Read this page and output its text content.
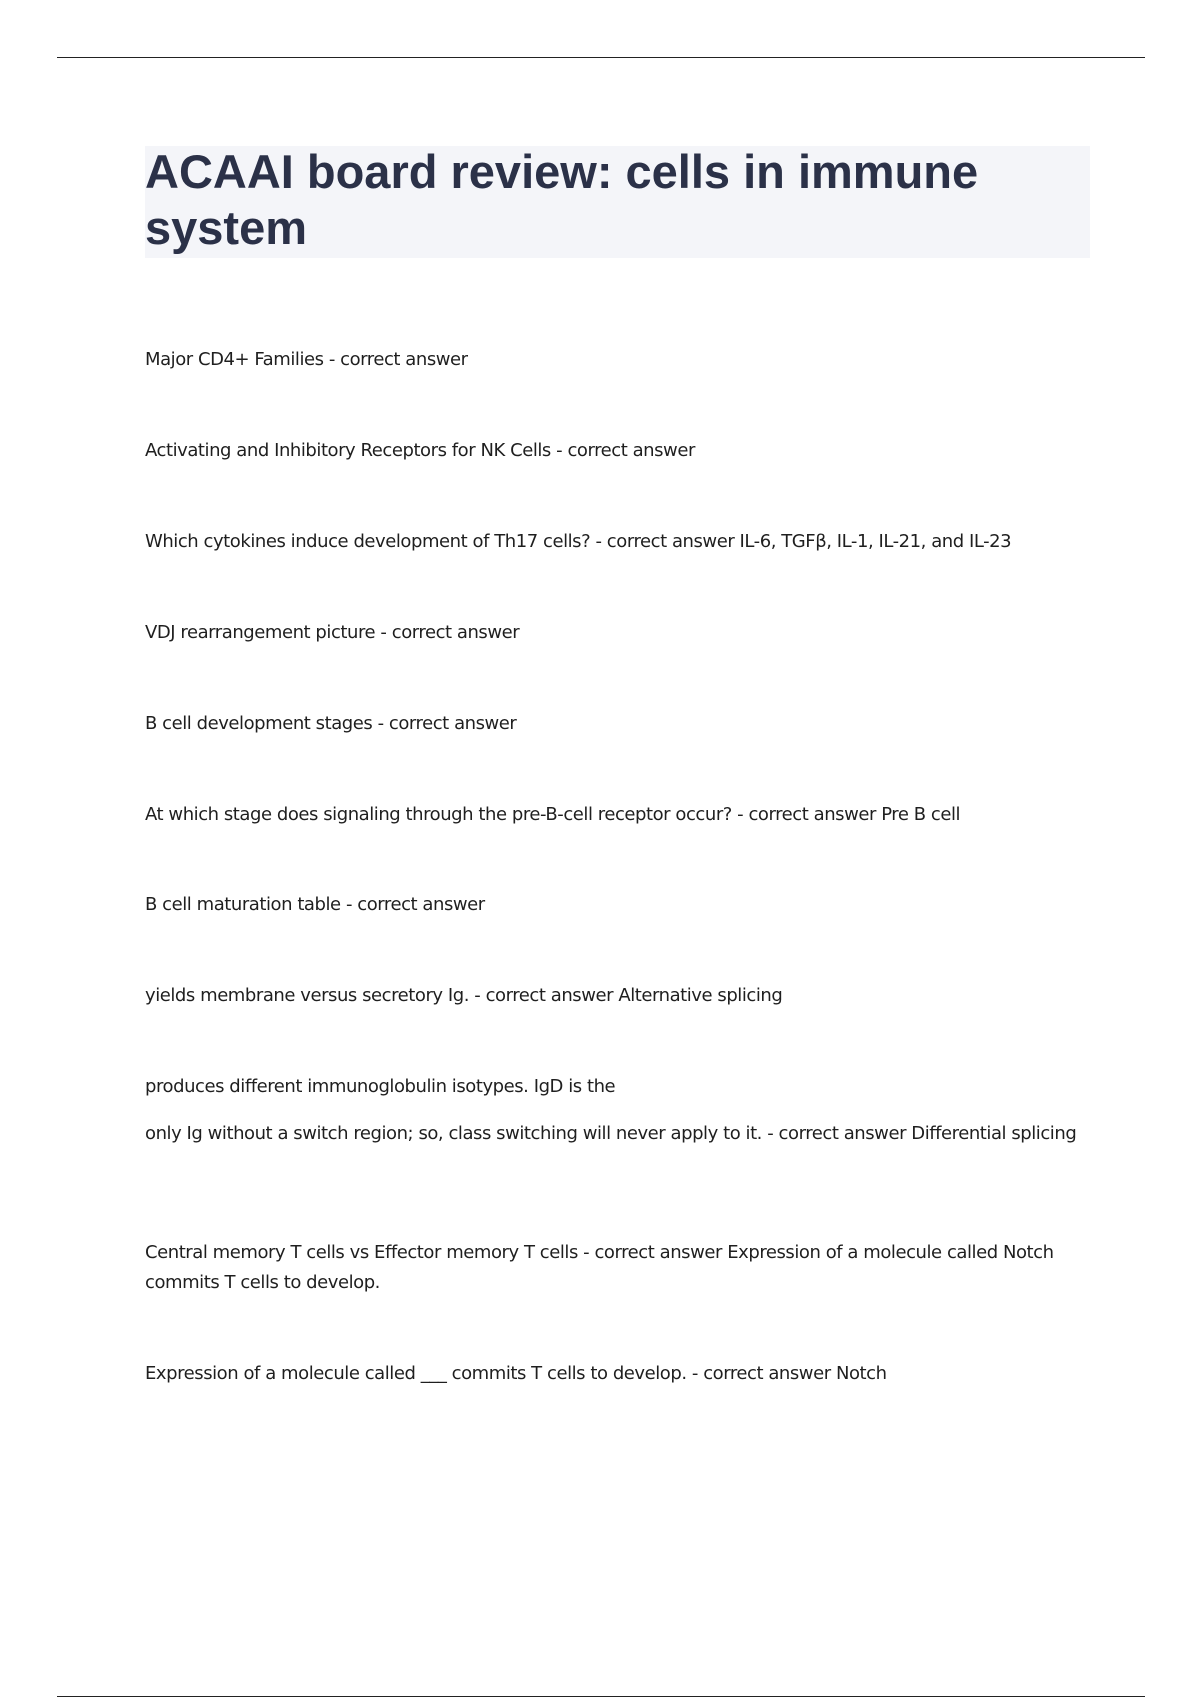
ACAAI board review: cells in immune system
Major CD4+ Families - correct answer
Activating and Inhibitory Receptors for NK Cells - correct answer
Which cytokines induce development of Th17 cells? - correct answer IL-6, TGFβ, IL-1, IL-21, and IL-23
VDJ rearrangement picture - correct answer
B cell development stages - correct answer
At which stage does signaling through the pre-B-cell receptor occur? - correct answer Pre B cell
B cell maturation table - correct answer
yields membrane versus secretory Ig. - correct answer Alternative splicing
produces different immunoglobulin isotypes. IgD is the
only Ig without a switch region; so, class switching will never apply to it. - correct answer Differential splicing
Central memory T cells vs Effector memory T cells - correct answer Expression of a molecule called Notch commits T cells to develop.
Expression of a molecule called ___ commits T cells to develop. - correct answer Notch
